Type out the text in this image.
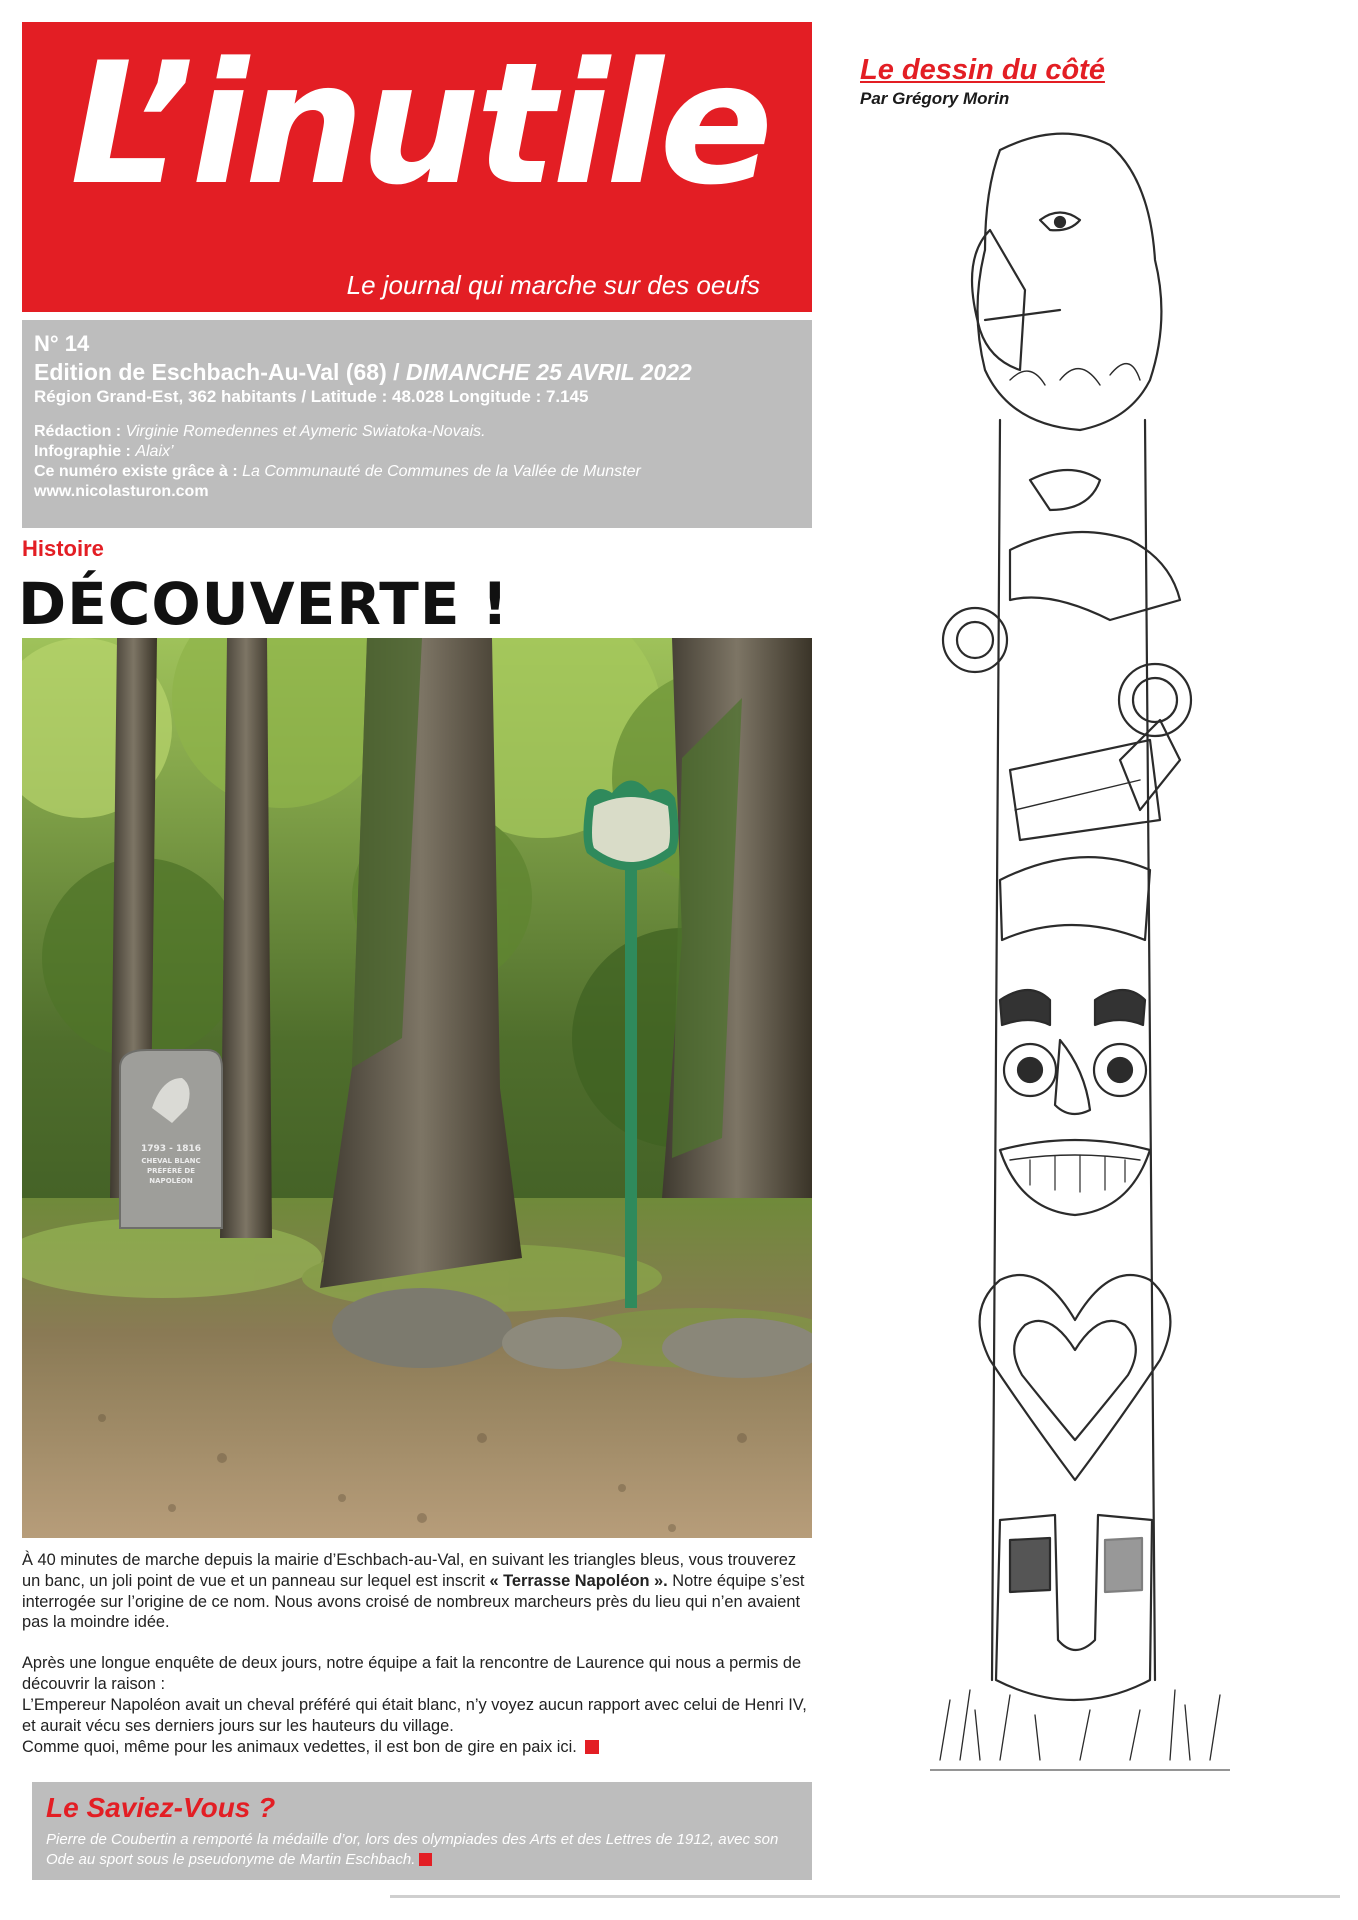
L’inutile
Le journal qui marche sur des oeufs
N° 14
Edition de Eschbach-Au-Val (68) / DIMANCHE 25 AVRIL 2022
Région Grand-Est, 362 habitants / Latitude : 48.028 Longitude : 7.145
Rédaction : Virginie Romedennes et Aymeric Swiatoka-Novais.
Infographie : Alaix’
Ce numéro existe grâce à : La Communauté de Communes de la Vallée de Munster
www.nicolasturon.com
Histoire
DÉCOUVERTE !
1793 - 1816
CHEVAL BLANC
PRÉFÉRÉ DE
NAPOLÉON

À 40 minutes de marche depuis la mairie d’Eschbach-au-Val, en suivant les triangles bleus, vous trouverez un banc, un joli point de vue et un panneau sur lequel est inscrit « Terrasse Napoléon ». Notre équipe s’est interrogée sur l’origine de ce nom. Nous avons croisé de nombreux marcheurs près du lieu qui n’en avaient pas la moindre idée.

Après une longue enquête de deux jours, notre équipe a fait la rencontre de Laurence qui nous a permis de découvrir la raison :
L’Empereur Napoléon avait un cheval préféré qui était blanc, n’y voyez aucun rapport avec celui de Henri IV, et aurait vécu ses derniers jours sur les hauteurs du village.
Comme quoi, même pour les animaux vedettes, il est bon de gire en paix ici.

Le Saviez-Vous ?
Pierre de Coubertin a remporté la médaille d’or, lors des olympiades des Arts et des Lettres de 1912, avec son Ode au sport sous le pseudonyme de Martin Eschbach.
Le dessin du côté
Par Grégory Morin
